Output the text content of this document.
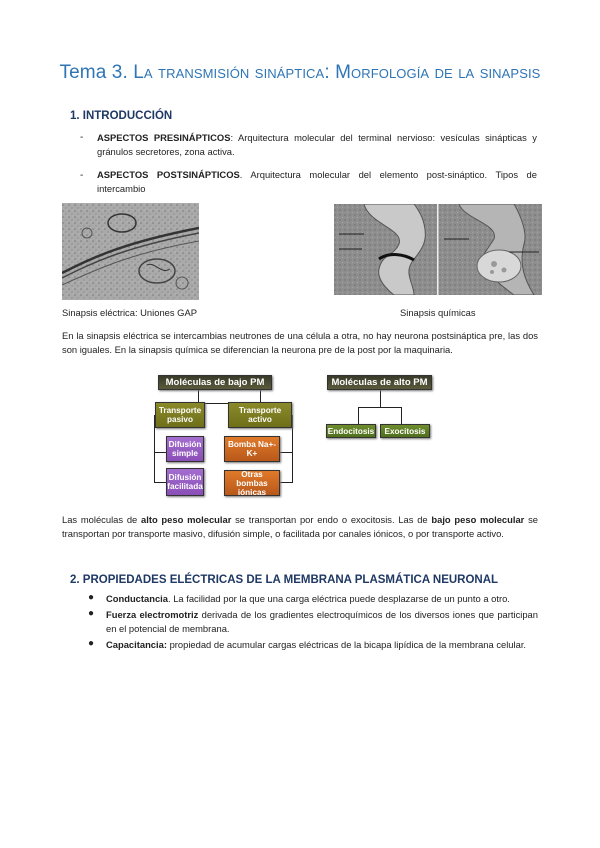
Tema 3. La transmisión sináptica: Morfología de la sinapsis
1. INTRODUCCIÓN
- ASPECTOS PRESINÁPTICOS: Arquitectura molecular del terminal nervioso: vesículas sinápticas y gránulos secretores, zona activa.
- ASPECTOS POSTSINÁPTICOS. Arquitectura molecular del elemento post-sináptico. Tipos de intercambio
Sinapsis eléctrica: Uniones GAP	Sinapsis químicas
En la sinapsis eléctrica se intercambias neutrones de una célula a otra, no hay neurona postsináptica pre, las dos son iguales. En la sinapsis química se diferencian la neurona pre de la post por la maquinaria.
Moléculas de bajo PM	Moléculas de alto PM
Transporte pasivo
Transporte activo
Difusión simple
Difusión facilitada
Bomba Na+-K+
Otras bombas iónicas
Endocitosis	Exocitosis
Las moléculas de alto peso molecular se transportan por endo o exocitosis. Las de bajo peso molecular se transportan por transporte masivo, difusión simple, o facilitada por canales iónicos, o por transporte activo.
2. PROPIEDADES ELÉCTRICAS DE LA MEMBRANA PLASMÁTICA NEURONAL
● Conductancia. La facilidad por la que una carga eléctrica puede desplazarse de un punto a otro.
● Fuerza electromotriz derivada de los gradientes electroquímicos de los diversos iones que participan en el potencial de membrana.
● Capacitancia: propiedad de acumular cargas eléctricas de la bicapa lipídica de la membrana celular.
